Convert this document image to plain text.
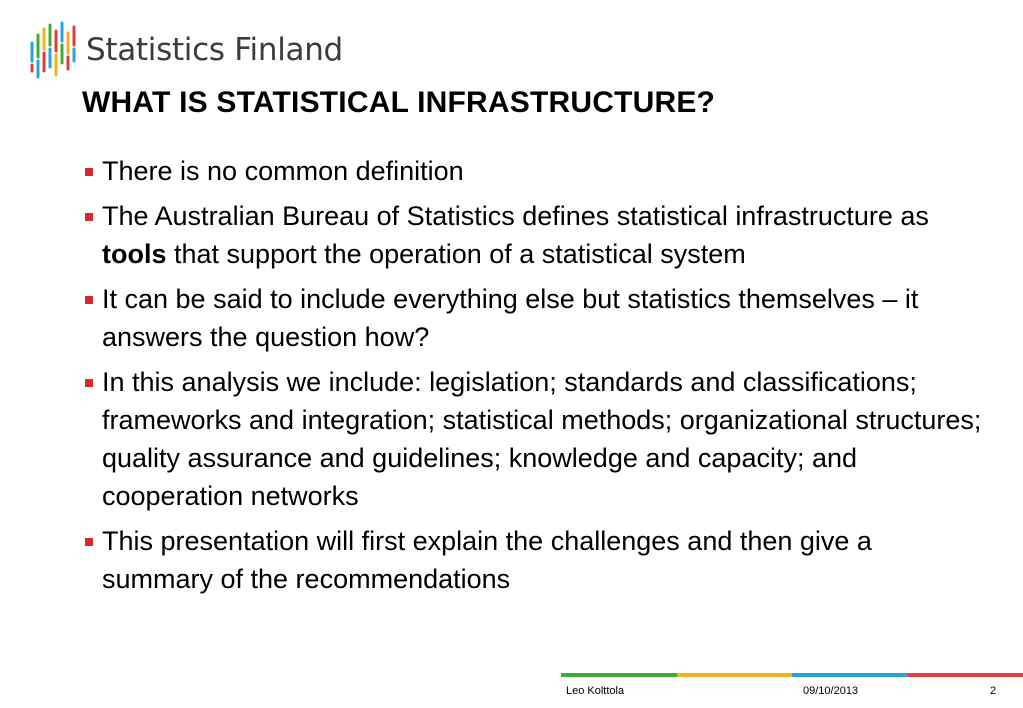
Statistics Finland
WHAT IS STATISTICAL INFRASTRUCTURE?
There is no common definition
The Australian Bureau of Statistics defines statistical infrastructure as tools that support the operation of a statistical system
It can be said to include everything else but statistics themselves – it answers the question how?
In this analysis we include: legislation; standards and classifications; frameworks and integration; statistical methods; organizational structures; quality assurance and guidelines; knowledge and capacity; and cooperation networks
This presentation will first explain the challenges and then give a summary of the recommendations
Leo Kolttola	09/10/2013	2
